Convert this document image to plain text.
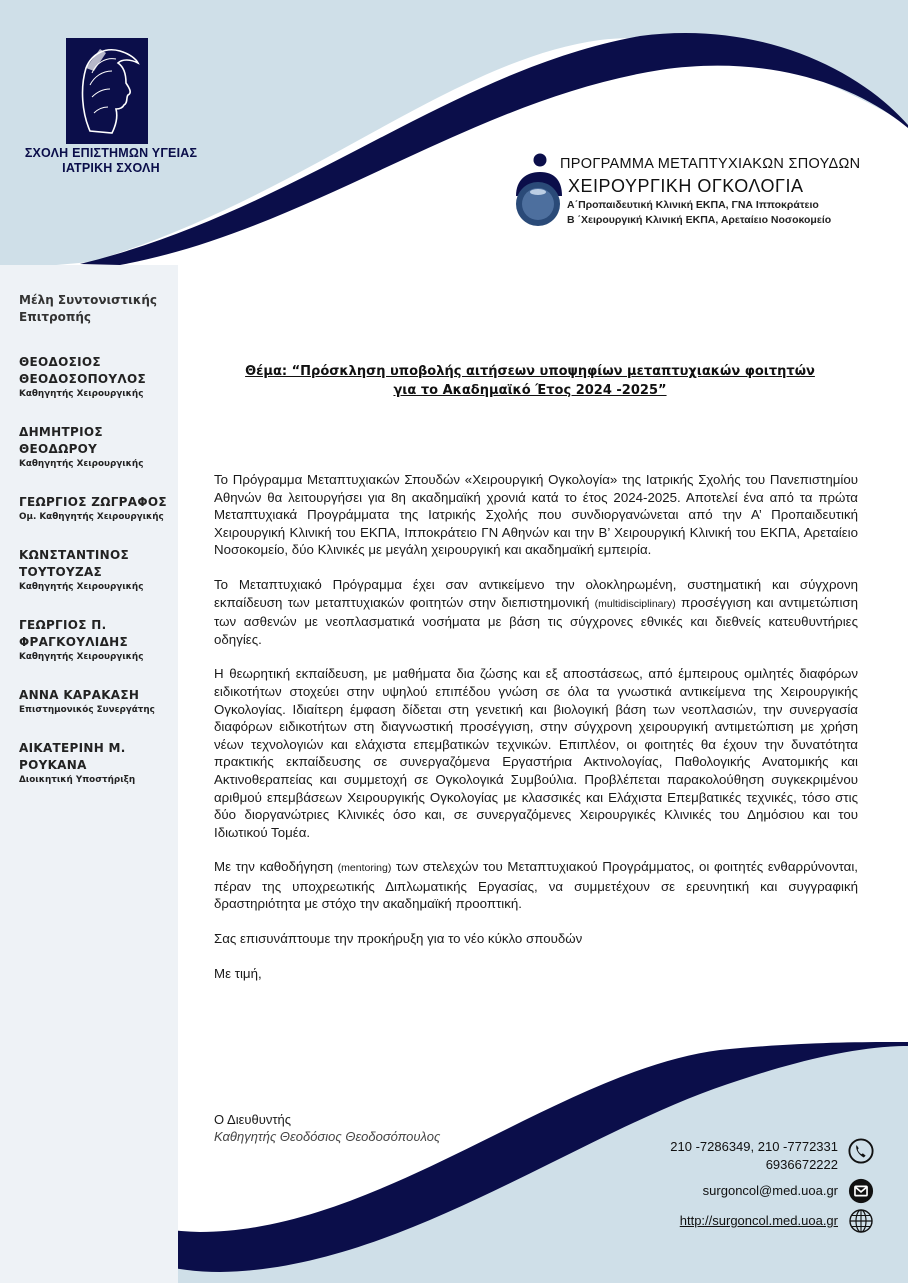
ΣΧΟΛΗ ΕΠΙΣΤΗΜΩΝ ΥΓΕΙΑΣ
ΙΑΤΡΙΚΗ ΣΧΟΛΗ	ΠΡΟΓΡΑΜΜΑ ΜΕΤΑΠΤΥΧΙΑΚΩΝ ΣΠΟΥΔΩΝ
ΧΕΙΡΟΥΡΓΙΚΗ ΟΓΚΟΛΟΓΙΑ
Α΄Προπαιδευτική Κλινική ΕΚΠΑ, ΓΝΑ Ιπποκράτειο
Β ΄Χειρουργική Κλινική ΕΚΠΑ, Αρεταίειο Νοσοκομείο
Μέλη Συντονιστικής Επιτροπής
ΘΕΟΔΟΣΙΟΣ ΘΕΟΔΟΣΟΠΟΥΛΟΣ
Καθηγητής Χειρουργικής
ΔΗΜΗΤΡΙΟΣ ΘΕΟΔΩΡΟΥ
Καθηγητής Χειρουργικής
ΓΕΩΡΓΙΟΣ ΖΩΓΡΑΦΟΣ
Ομ. Καθηγητής Χειρουργικής
ΚΩΝΣΤΑΝΤΙΝΟΣ ΤΟΥΤΟΥΖΑΣ
Καθηγητής Χειρουργικής
ΓΕΩΡΓΙΟΣ Π. ΦΡΑΓΚΟΥΛΙΔΗΣ
Καθηγητής Χειρουργικής
ΑΝΝΑ ΚΑΡΑΚΑΣΗ
Επιστημονικός Συνεργάτης
ΑΙΚΑΤΕΡΙΝΗ Μ. ΡΟΥΚΑΝΑ
Διοικητική Υποστήριξη
Θέμα: “Πρόσκληση υποβολής αιτήσεων υποψηφίων μεταπτυχιακών φοιτητών
για το Ακαδημαϊκό Έτος 2024 -2025”

Το Πρόγραμμα Μεταπτυχιακών Σπουδών «Χειρουργική Ογκολογία» της Ιατρικής Σχολής του Πανεπιστημίου Αθηνών θα λειτουργήσει για 8η ακαδημαϊκή χρονιά κατά το έτος 2024-2025. Αποτελεί ένα από τα πρώτα Μεταπτυχιακά Προγράμματα της Ιατρικής Σχολής που συνδιοργανώνεται από την Α’ Προπαιδευτική Χειρουργική Κλινική του ΕΚΠΑ, Ιπποκράτειο ΓΝ Αθηνών και την Β’ Χειρουργική Κλινική του ΕΚΠΑ, Αρεταίειο Νοσοκομείο, δύο Κλινικές με μεγάλη χειρουργική και ακαδημαϊκή εμπειρία.

Το Μεταπτυχιακό Πρόγραμμα έχει σαν αντικείμενο την ολοκληρωμένη, συστηματική και σύγχρονη εκπαίδευση των μεταπτυχιακών φοιτητών στην διεπιστημονική (multidisciplinary) προσέγγιση και αντιμετώπιση των ασθενών με νεοπλασματικά νοσήματα με βάση τις σύγχρονες εθνικές και διεθνείς κατευθυντήριες οδηγίες.

Η θεωρητική εκπαίδευση, με μαθήματα δια ζώσης και εξ αποστάσεως, από έμπειρους ομιλητές διαφόρων ειδικοτήτων στοχεύει στην υψηλού επιπέδου γνώση σε όλα τα γνωστικά αντικείμενα της Χειρουργικής Ογκολογίας. Ιδιαίτερη έμφαση δίδεται στη γενετική και βιολογική βάση των νεοπλασιών, την συνεργασία διαφόρων ειδικοτήτων στη διαγνωστική προσέγγιση, στην σύγχρονη χειρουργική αντιμετώπιση με χρήση νέων τεχνολογιών και ελάχιστα επεμβατικών τεχνικών. Επιπλέον, οι φοιτητές θα έχουν την δυνατότητα πρακτικής εκπαίδευσης σε συνεργαζόμενα Εργαστήρια Ακτινολογίας, Παθολογικής Ανατομικής και Ακτινοθεραπείας και συμμετοχή σε Ογκολογικά Συμβούλια. Προβλέπεται παρακολούθηση συγκεκριμένου αριθμού επεμβάσεων Χειρουργικής Ογκολογίας με κλασσικές και Ελάχιστα Επεμβατικές τεχνικές, τόσο στις δύο διοργανώτριες Κλινικές όσο και, σε συνεργαζόμενες Χειρουργικές Κλινικές του Δημόσιου και του Ιδιωτικού Τομέα.

Με την καθοδήγηση (mentoring) των στελεχών του Μεταπτυχιακού Προγράμματος, οι φοιτητές ενθαρρύνονται, πέραν της υποχρεωτικής Διπλωματικής Εργασίας, να συμμετέχουν σε ερευνητική και συγγραφική δραστηριότητα με στόχο την ακαδημαϊκή προοπτική.

Σας επισυνάπτουμε την προκήρυξη για το νέο κύκλο σπουδών

Με τιμή,

Ο Διευθυντής
Καθηγητής Θεοδόσιος Θεοδοσόπουλος
210 -7286349, 210 -7772331
6936672222
surgoncol@med.uoa.gr
http://surgoncol.med.uoa.gr
